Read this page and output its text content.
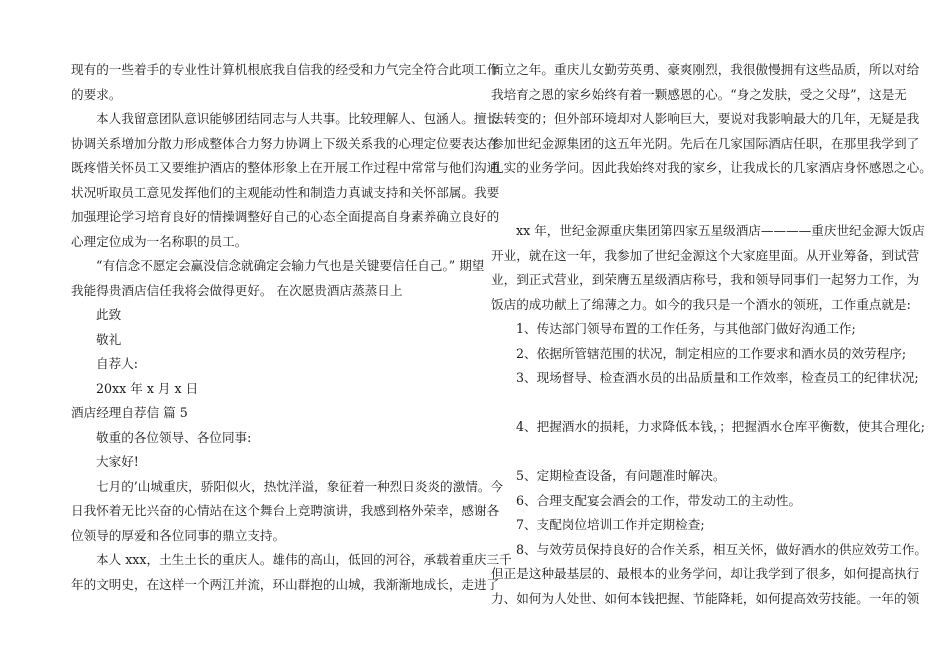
现有的一些着手的专业性计算机根底我自信我的经受和力气完全符合此项工作
的要求。
本人我留意团队意识能够团结同志与人共事。比较理解人、包涵人。擅长
协调关系增加分散力形成整体合力努力协调上下级关系我的心理定位要表达在
既疼惜关怀员工又要维护酒店的整体形象上在开展工作过程中常常与他们沟通
状况听取员工意见发挥他们的主观能动性和制造力真诚支持和关怀部属。我要
加强理论学习培育良好的情操调整好自己的心态全面提高自身素养确立良好的
心理定位成为一名称职的员工。
“有信念不愿定会赢没信念就确定会输力气也是关键要信任自己。” 期望
我能得贵酒店信任我将会做得更好。 在次愿贵酒店蒸蒸日上
此致
敬礼
自荐人:
20xx 年 x 月 x 日
酒店经理自荐信 篇 5
敬重的各位领导、各位同事:
大家好!
七月的’山城重庆，骄阳似火，热忱洋溢，象征着一种烈日炎炎的激情。今
日我怀着无比兴奋的心情站在这个舞台上竞聘演讲，我感到格外荣幸，感谢各
位领导的厚爱和各位同事的鼎立支持。
本人 xxx，土生土长的重庆人。雄伟的高山，低回的河谷，承载着重庆三千
年的文明史，在这样一个两江并流，环山群抱的山城，我渐渐地成长，走进了
而立之年。重庆儿女勤劳英勇、豪爽刚烈，我很傲慢拥有这些品质，所以对给
我培育之恩的家乡始终有着一颗感恩的心。“身之发肤，受之父母”，这是无
法转变的；但外部环境却对人影响巨大，要说对我影响最大的几年，无疑是我
参加世纪金源集团的这五年光阴。先后在几家国际酒店任职，在那里我学到了
扎实的业务学问。因此我始终对我的家乡，让我成长的几家酒店身怀感恩之心。
xx 年，世纪金源重庆集团第四家五星级酒店————重庆世纪金源大饭店
开业，就在这一年，我参加了世纪金源这个大家庭里面。从开业筹备，到试营
业，到正式营业，到荣膺五星级酒店称号，我和领导同事们一起努力工作，为
饭店的成功献上了绵薄之力。如今的我只是一个酒水的领班，工作重点就是:
1、传达部门领导布置的工作任务，与其他部门做好沟通工作;
2、依据所管辖范围的状况，制定相应的工作要求和酒水员的效劳程序;
3、现场督导、检查酒水员的出品质量和工作效率，检查员工的纪律状况;
4、把握酒水的损耗，力求降低本钱，；把握酒水仓库平衡数，使其合理化;
5、定期检查设备，有问题准时解决。
6、合理支配宴会酒会的工作，带发动工的主动性。
7、支配岗位培训工作并定期检查;
8、与效劳员保持良好的合作关系，相互关怀，做好酒水的供应效劳工作。
但正是这种最基层的、最根本的业务学问，却让我学到了很多，如何提高执行
力、如何为人处世、如何本钱把握、节能降耗，如何提高效劳技能。一年的领
